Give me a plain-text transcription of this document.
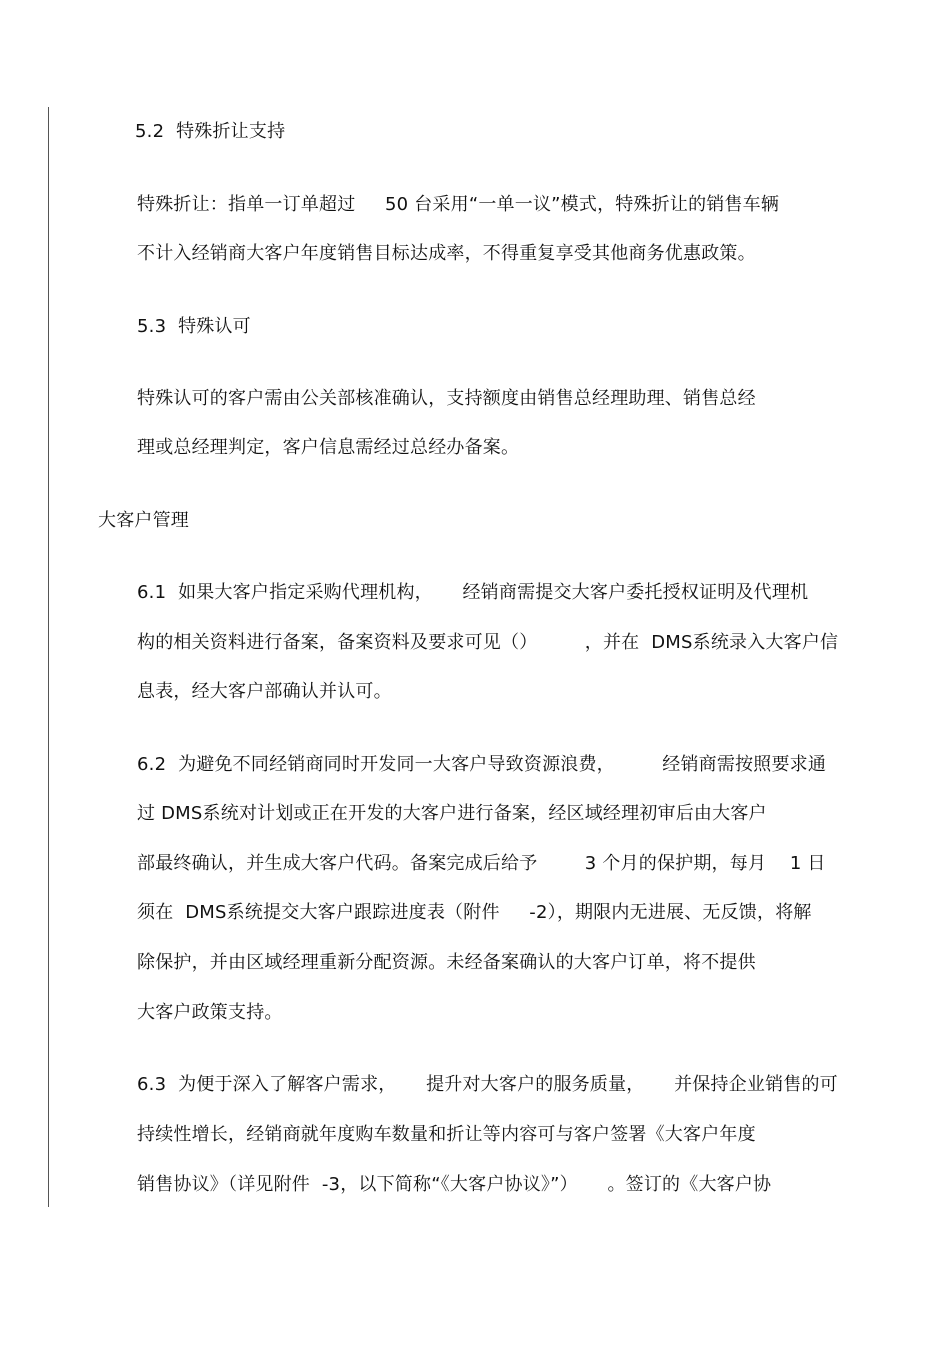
5.2  特殊折让支持
特殊折让：指单一订单超过     50 台采用“一单一议”模式，特殊折让的销售车辆
不计入经销商大客户年度销售目标达成率，不得重复享受其他商务优惠政策。
5.3  特殊认可
特殊认可的客户需由公关部核准确认，支持额度由销售总经理助理、销售总经
理或总经理判定，客户信息需经过总经办备案。
大客户管理
6.1  如果大客户指定采购代理机构，     经销商需提交大客户委托授权证明及代理机
构的相关资料进行备案，备案资料及要求可见（）        ，并在  DMS系统录入大客户信
息表，经大客户部确认并认可。
6.2  为避免不同经销商同时开发同一大客户导致资源浪费，        经销商需按照要求通
过 DMS系统对计划或正在开发的大客户进行备案，经区域经理初审后由大客户
部最终确认，并生成大客户代码。备案完成后给予        3 个月的保护期，每月    1 日
须在  DMS系统提交大客户跟踪进度表（附件     -2），期限内无进展、无反馈，将解
除保护，并由区域经理重新分配资源。未经备案确认的大客户订单，将不提供
大客户政策支持。
6.3  为便于深入了解客户需求，     提升对大客户的服务质量，     并保持企业销售的可
持续性增长，经销商就年度购车数量和折让等内容可与客户签署《大客户年度
销售协议》（详见附件  -3，以下简称“《大客户协议》”）     。签订的《大客户协
